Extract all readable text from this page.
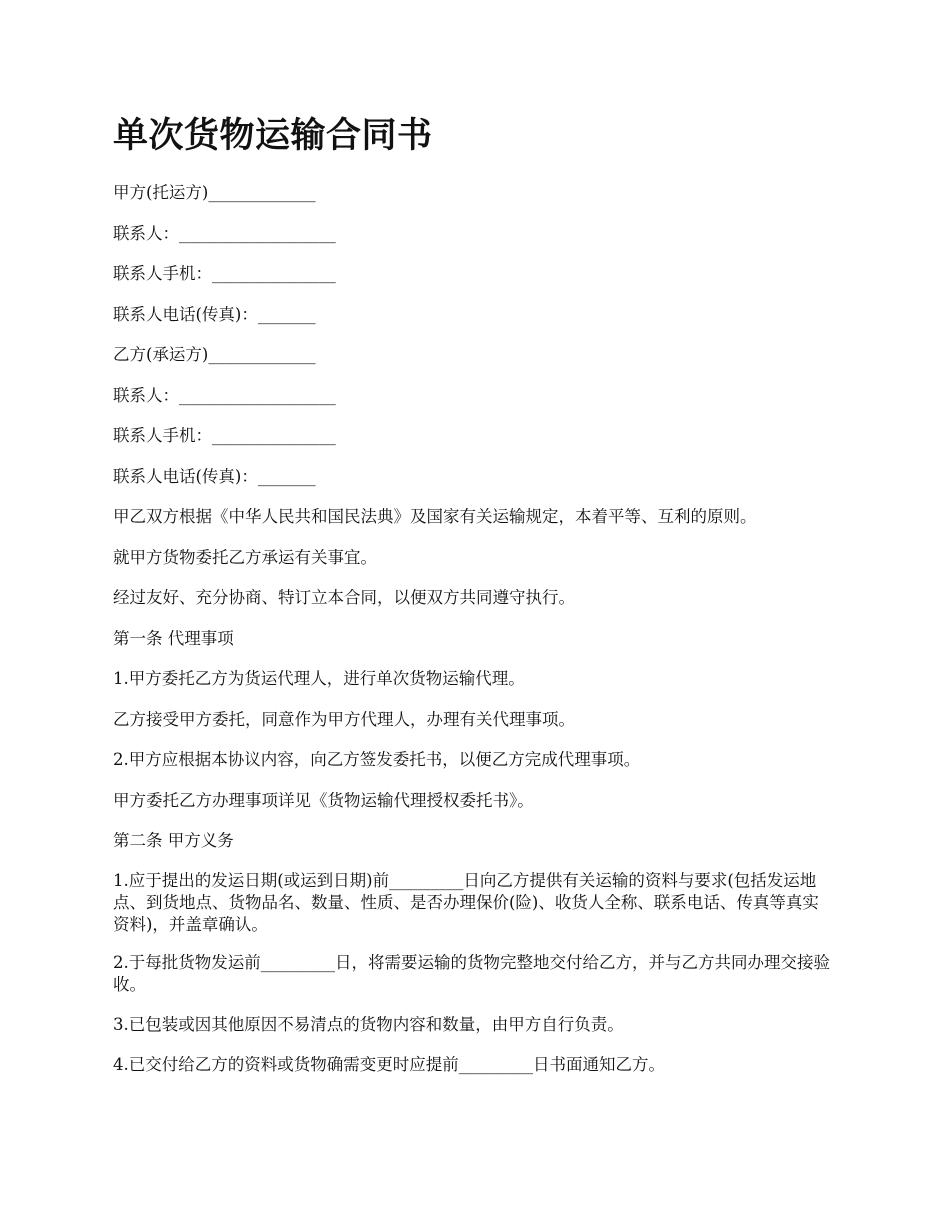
单次货物运输合同书

甲方(托运方)_____________

联系人：___________________

联系人手机：_______________

联系人电话(传真)：_______

乙方(承运方)_____________

联系人：___________________

联系人手机：_______________

联系人电话(传真)：_______

甲乙双方根据《中华人民共和国民法典》及国家有关运输规定，本着平等、互利的原则。

就甲方货物委托乙方承运有关事宜。

经过友好、充分协商、特订立本合同，以便双方共同遵守执行。

第一条 代理事项

1.甲方委托乙方为货运代理人，进行单次货物运输代理。

乙方接受甲方委托，同意作为甲方代理人，办理有关代理事项。

2.甲方应根据本协议内容，向乙方签发委托书，以便乙方完成代理事项。

甲方委托乙方办理事项详见《货物运输代理授权委托书》。

第二条 甲方义务

1.应于提出的发运日期(或运到日期)前_________日向乙方提供有关运输的资料与要求(包括发运地点、到货地点、货物品名、数量、性质、是否办理保价(险)、收货人全称、联系电话、传真等真实资料)，并盖章确认。

2.于每批货物发运前_________日，将需要运输的货物完整地交付给乙方，并与乙方共同办理交接验收。

3.已包装或因其他原因不易清点的货物内容和数量，由甲方自行负责。

4.已交付给乙方的资料或货物确需变更时应提前_________日书面通知乙方。
